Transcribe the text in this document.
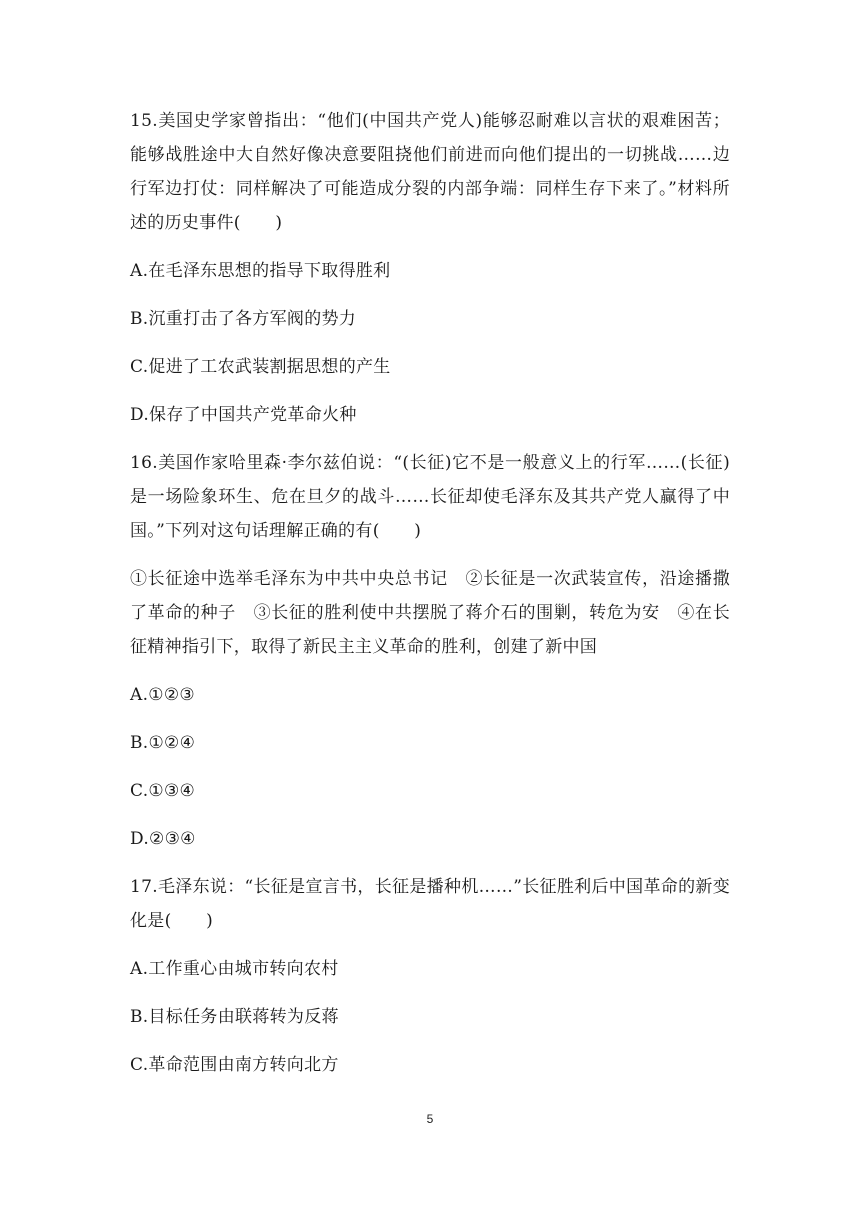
15.美国史学家曾指出：“他们(中国共产党人)能够忍耐难以言状的艰难困苦；能够战胜途中大自然好像决意要阻挠他们前进而向他们提出的一切挑战……边行军边打仗：同样解决了可能造成分裂的内部争端：同样生存下来了。”材料所述的历史事件(　　)

A.在毛泽东思想的指导下取得胜利
B.沉重打击了各方军阀的势力
C.促进了工农武装割据思想的产生
D.保存了中国共产党革命火种

16.美国作家哈里森·李尔兹伯说：“(长征)它不是一般意义上的行军……(长征)是一场险象环生、危在旦夕的战斗……长征却使毛泽东及其共产党人赢得了中国。”下列对这句话理解正确的有(　　)

①长征途中选举毛泽东为中共中央总书记　②长征是一次武装宣传，沿途播撒了革命的种子　③长征的胜利使中共摆脱了蒋介石的围剿，转危为安　④在长征精神指引下，取得了新民主主义革命的胜利，创建了新中国

A.①②③
B.①②④
C.①③④
D.②③④

17.毛泽东说：“长征是宣言书，长征是播种机……”长征胜利后中国革命的新变化是(　　)

A.工作重心由城市转向农村
B.目标任务由联蒋转为反蒋
C.革命范围由南方转向北方
5
